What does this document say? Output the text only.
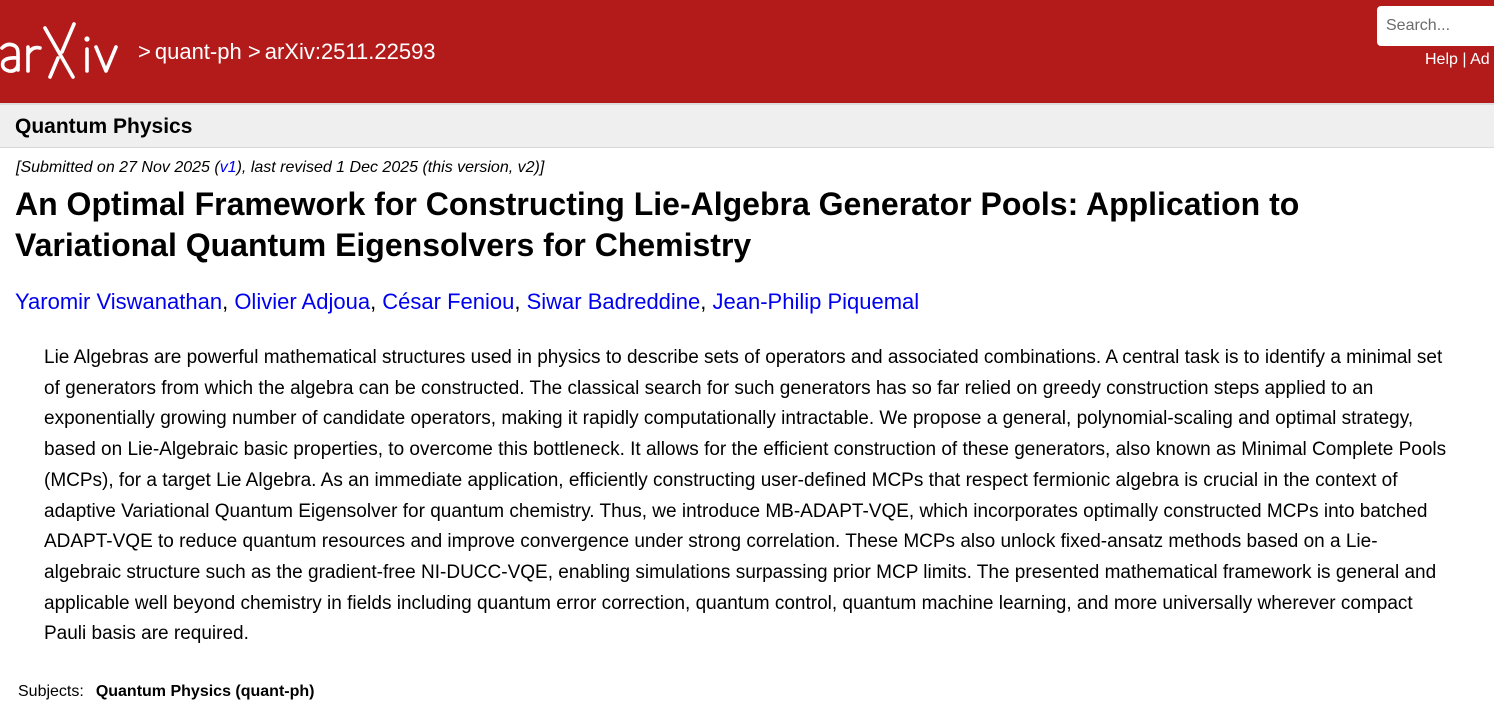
> quant-ph > arXiv:2511.22593
Search...	Help | Ad
Quantum Physics
[Submitted on 27 Nov 2025 (v1), last revised 1 Dec 2025 (this version, v2)]
An Optimal Framework for Constructing Lie-Algebra Generator Pools: Application to Variational Quantum Eigensolvers for Chemistry
Yaromir Viswanathan, Olivier Adjoua, César Feniou, Siwar Badreddine, Jean-Philip Piquemal

Lie Algebras are powerful mathematical structures used in physics to describe sets of operators and associated combinations. A central task is to identify a minimal set of generators from which the algebra can be constructed. The classical search for such generators has so far relied on greedy construction steps applied to an exponentially growing number of candidate operators, making it rapidly computationally intractable. We propose a general, polynomial-scaling and optimal strategy, based on Lie-Algebraic basic properties, to overcome this bottleneck. It allows for the efficient construction of these generators, also known as Minimal Complete Pools (MCPs), for a target Lie Algebra. As an immediate application, efficiently constructing user-defined MCPs that respect fermionic algebra is crucial in the context of adaptive Variational Quantum Eigensolver for quantum chemistry. Thus, we introduce MB-ADAPT-VQE, which incorporates optimally constructed MCPs into batched ADAPT-VQE to reduce quantum resources and improve convergence under strong correlation. These MCPs also unlock fixed-ansatz methods based on a Lie-algebraic structure such as the gradient-free NI-DUCC-VQE, enabling simulations surpassing prior MCP limits. The presented mathematical framework is general and applicable well beyond chemistry in fields including quantum error correction, quantum control, quantum machine learning, and more universally wherever compact Pauli basis are required.

Subjects: Quantum Physics (quant-ph)
